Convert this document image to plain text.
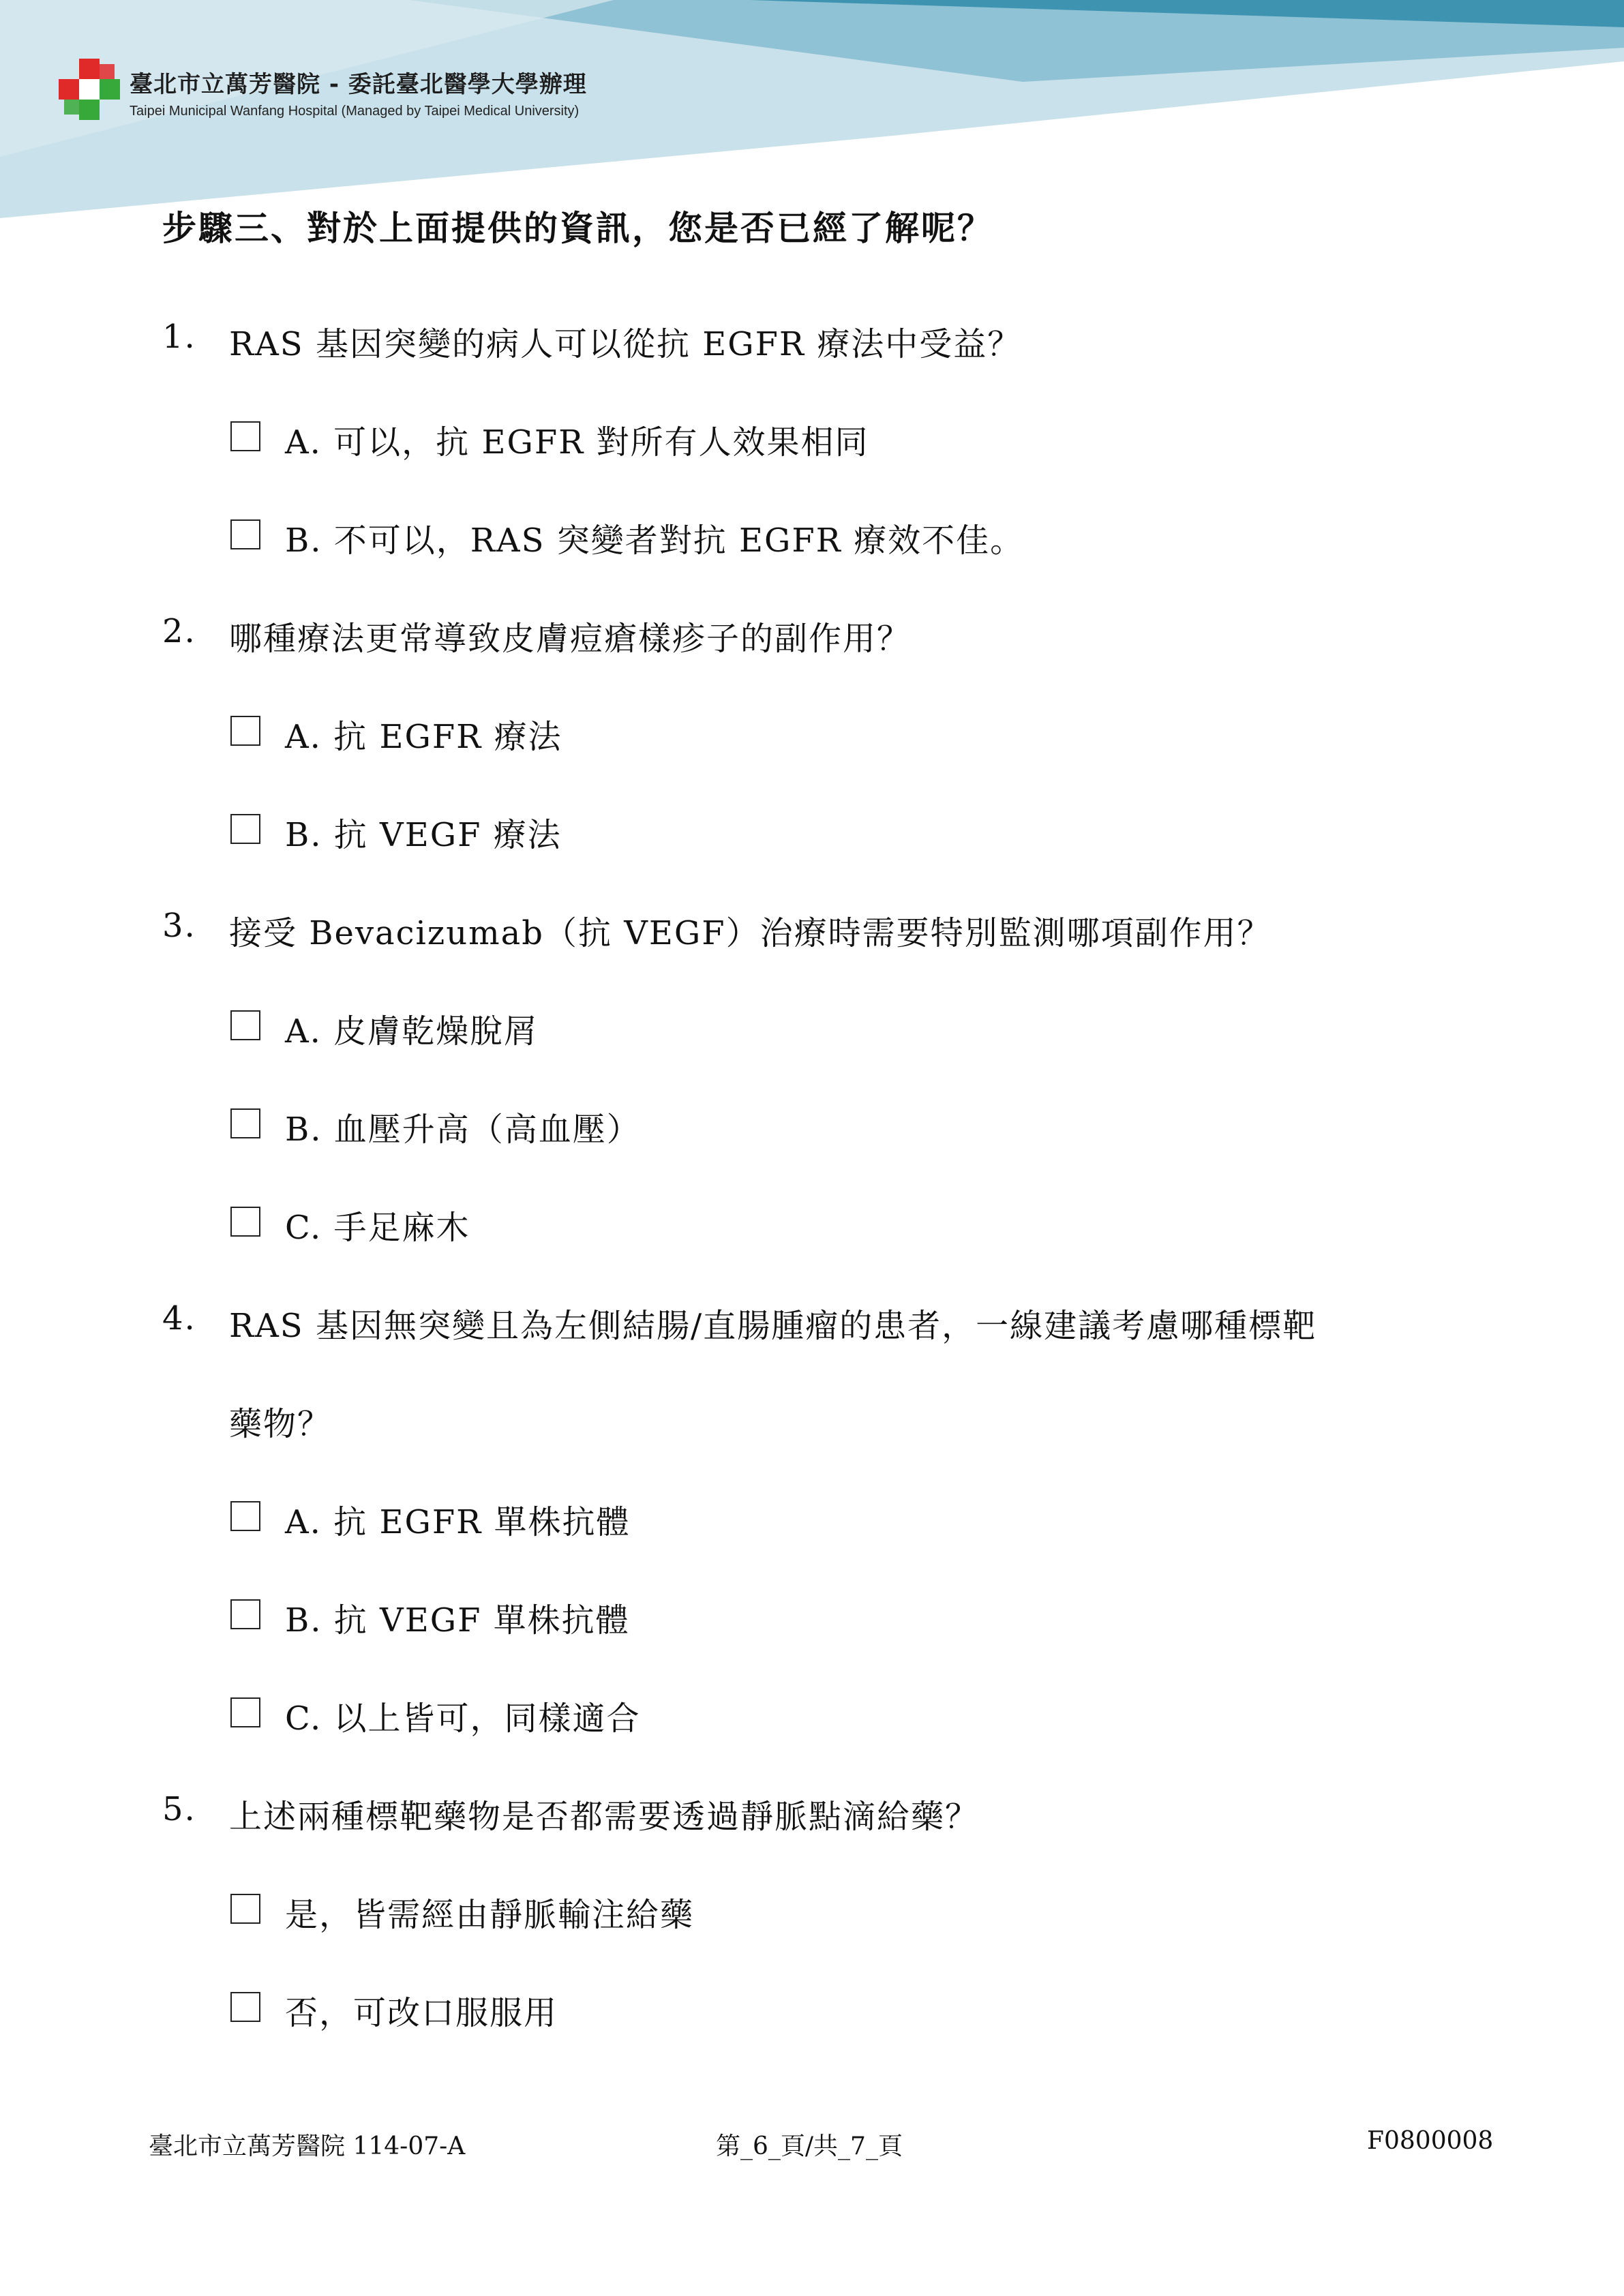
臺北市立萬芳醫院 - 委託臺北醫學大學辦理
Taipei Municipal Wanfang Hospital (Managed by Taipei Medical University)
步驟三、對於上面提供的資訊，您是否已經了解呢？
1. RAS 基因突變的病人可以從抗 EGFR 療法中受益？
A. 可以，抗 EGFR 對所有人效果相同
B. 不可以，RAS 突變者對抗 EGFR 療效不佳。
2. 哪種療法更常導致皮膚痘瘡樣疹子的副作用？
A. 抗 EGFR 療法
B. 抗 VEGF 療法
3. 接受 Bevacizumab（抗 VEGF）治療時需要特別監測哪項副作用？
A. 皮膚乾燥脫屑
B. 血壓升高（高血壓）
C. 手足麻木
4. RAS 基因無突變且為左側結腸/直腸腫瘤的患者，一線建議考慮哪種標靶
藥物？
A. 抗 EGFR 單株抗體
B. 抗 VEGF 單株抗體
C. 以上皆可，同樣適合
5. 上述兩種標靶藥物是否都需要透過靜脈點滴給藥？
是，皆需經由靜脈輸注給藥
否，可改口服服用
臺北市立萬芳醫院 114-07-A	第_6_頁/共_7_頁	F0800008
